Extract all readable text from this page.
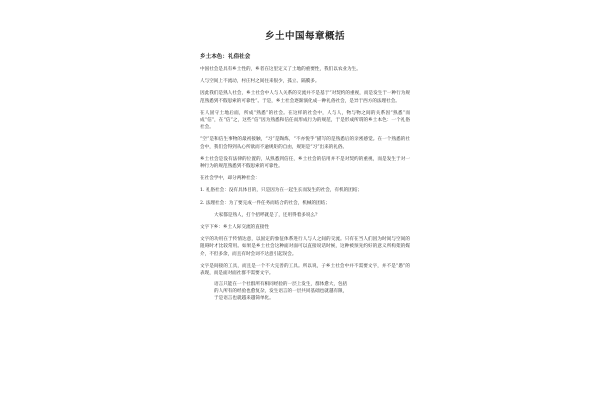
乡土中国每章概括
乡土本色：礼俗社会

中国社会是具有乡土性的，乡者在这里定义了土地的重要性，我们以农业为生。

人与空间上不流动，村庄村之间往来很少，孤立、隔膜多。

因此我们是熟人社会，乡土社会中人与人关系的交流并不是基于“对契约的重视，而是发生于一种行为规范熟悉到不假思索的可靠性”。于是，乡土社会逐渐演化成一种礼俗社会，是异于西方的法理社会。

在人固守土地后面，所成“熟悉”的社会。在这样的社会中，人与人，物与物之间的关系因“熟悉”而成“信”，在“信”之，这些“信”因为熟悉和信任而形成行为的规范，于是形成所谓的乡土本色：一个礼俗社会。

“空”是和信生事物的最初接触，“习”是陶炼，“不亦悦乎”描写的是熟悉后的亲密感觉。在一个熟悉的社会中，我们会得到从心所欲而不逾规矩的自由，规矩是“习”出来的礼俗。

乡土社会是没有法律的位置的，从熟悉到信任，乡土社会的信用并不是对契约的重视，而是发生于对一种行为的规范熟悉到不假思索的可靠性。

在社会学中，却分两种社会：

1. 礼俗社会：没有具体目的，只是因为在一起生长而发生的社会，有机的团结；

2. 法理社会：为了要完成一件任务而结合的社会，机械的团结；

大家都是熟人，打个招呼就是了，还用得着多说么？

文字下乡：乡土人际交流的直接性

文字的功用在于传情达意，以固定的象征体系进行人与人之间的交流。只有在当人们因为时间与空间的阻碍时才比较常用。如果是乡土社会这种面对面可以直接说话时候，这种被预先约好的意义所构架的媒介，不但多余，而且有时会词不达意引起误会。

文字是间接的工具，而且是一个不大完善的工具。所以说，子乡土社会中并不需要文字，并不是“愚”的表现，而是面对面社群不需要文字。

语言只能在一个社群所有相同经验的一层上发生，群体愈大，包括
的人所有的经验也愈复杂，发生语言的一层共同基础也就越有限，
于是语言也就越来越简单化。
